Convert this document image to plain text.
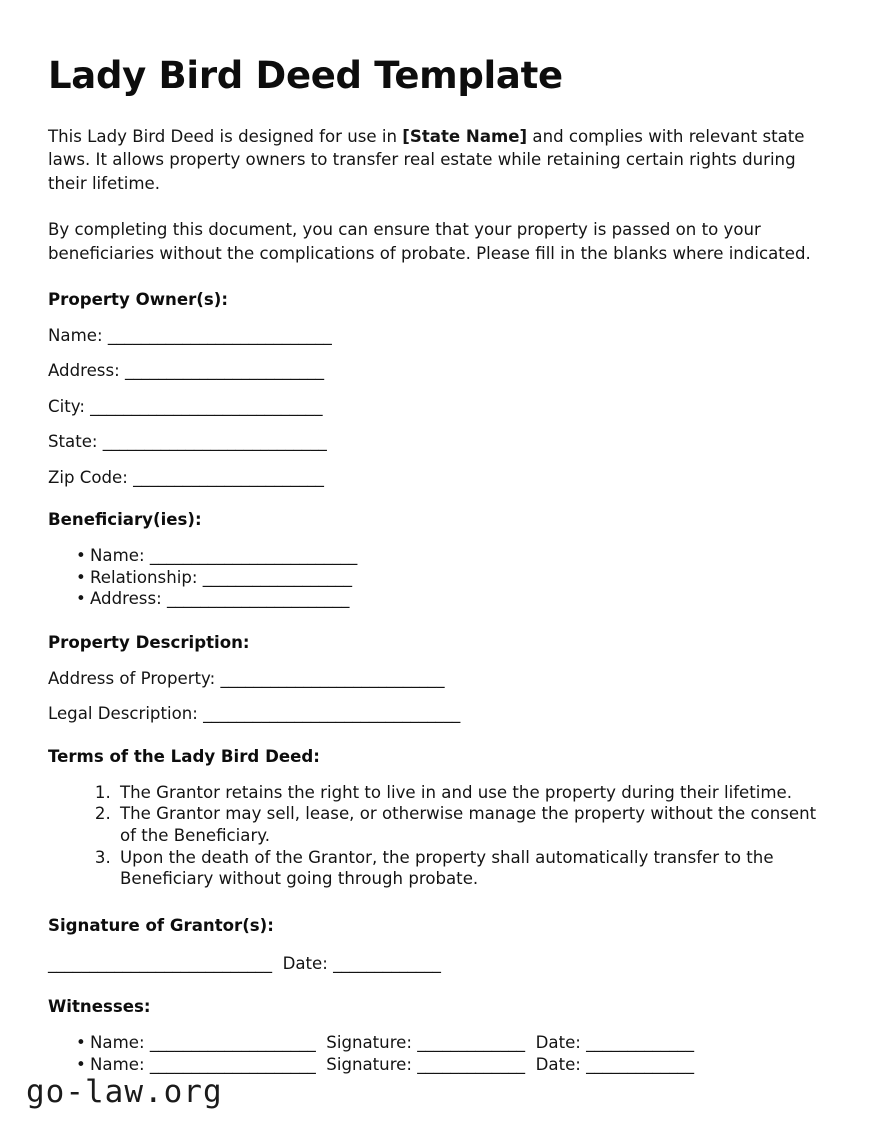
Lady Bird Deed Template

This Lady Bird Deed is designed for use in [State Name] and complies with relevant state laws. It allows property owners to transfer real estate while retaining certain rights during their lifetime.

By completing this document, you can ensure that your property is passed on to your beneficiaries without the complications of probate. Please fill in the blanks where indicated.

Property Owner(s):

Name: ___________________________

Address: ________________________

City: ____________________________

State: ___________________________

Zip Code: _______________________

Beneficiary(ies):
• Name: _________________________
• Relationship: __________________
• Address: ______________________
Property Description:

Address of Property: ___________________________

Legal Description: _______________________________

Terms of the Lady Bird Deed:
1. The Grantor retains the right to live in and use the property during their lifetime.
2. The Grantor may sell, lease, or otherwise manage the property without the consent of the Beneficiary.
3. Upon the death of the Grantor, the property shall automatically transfer to the Beneficiary without going through probate.
Signature of Grantor(s):

___________________________  Date: _____________

Witnesses:
• Name: ____________________  Signature: _____________  Date: _____________
• Name: ____________________  Signature: _____________  Date: _____________
go-law.org
